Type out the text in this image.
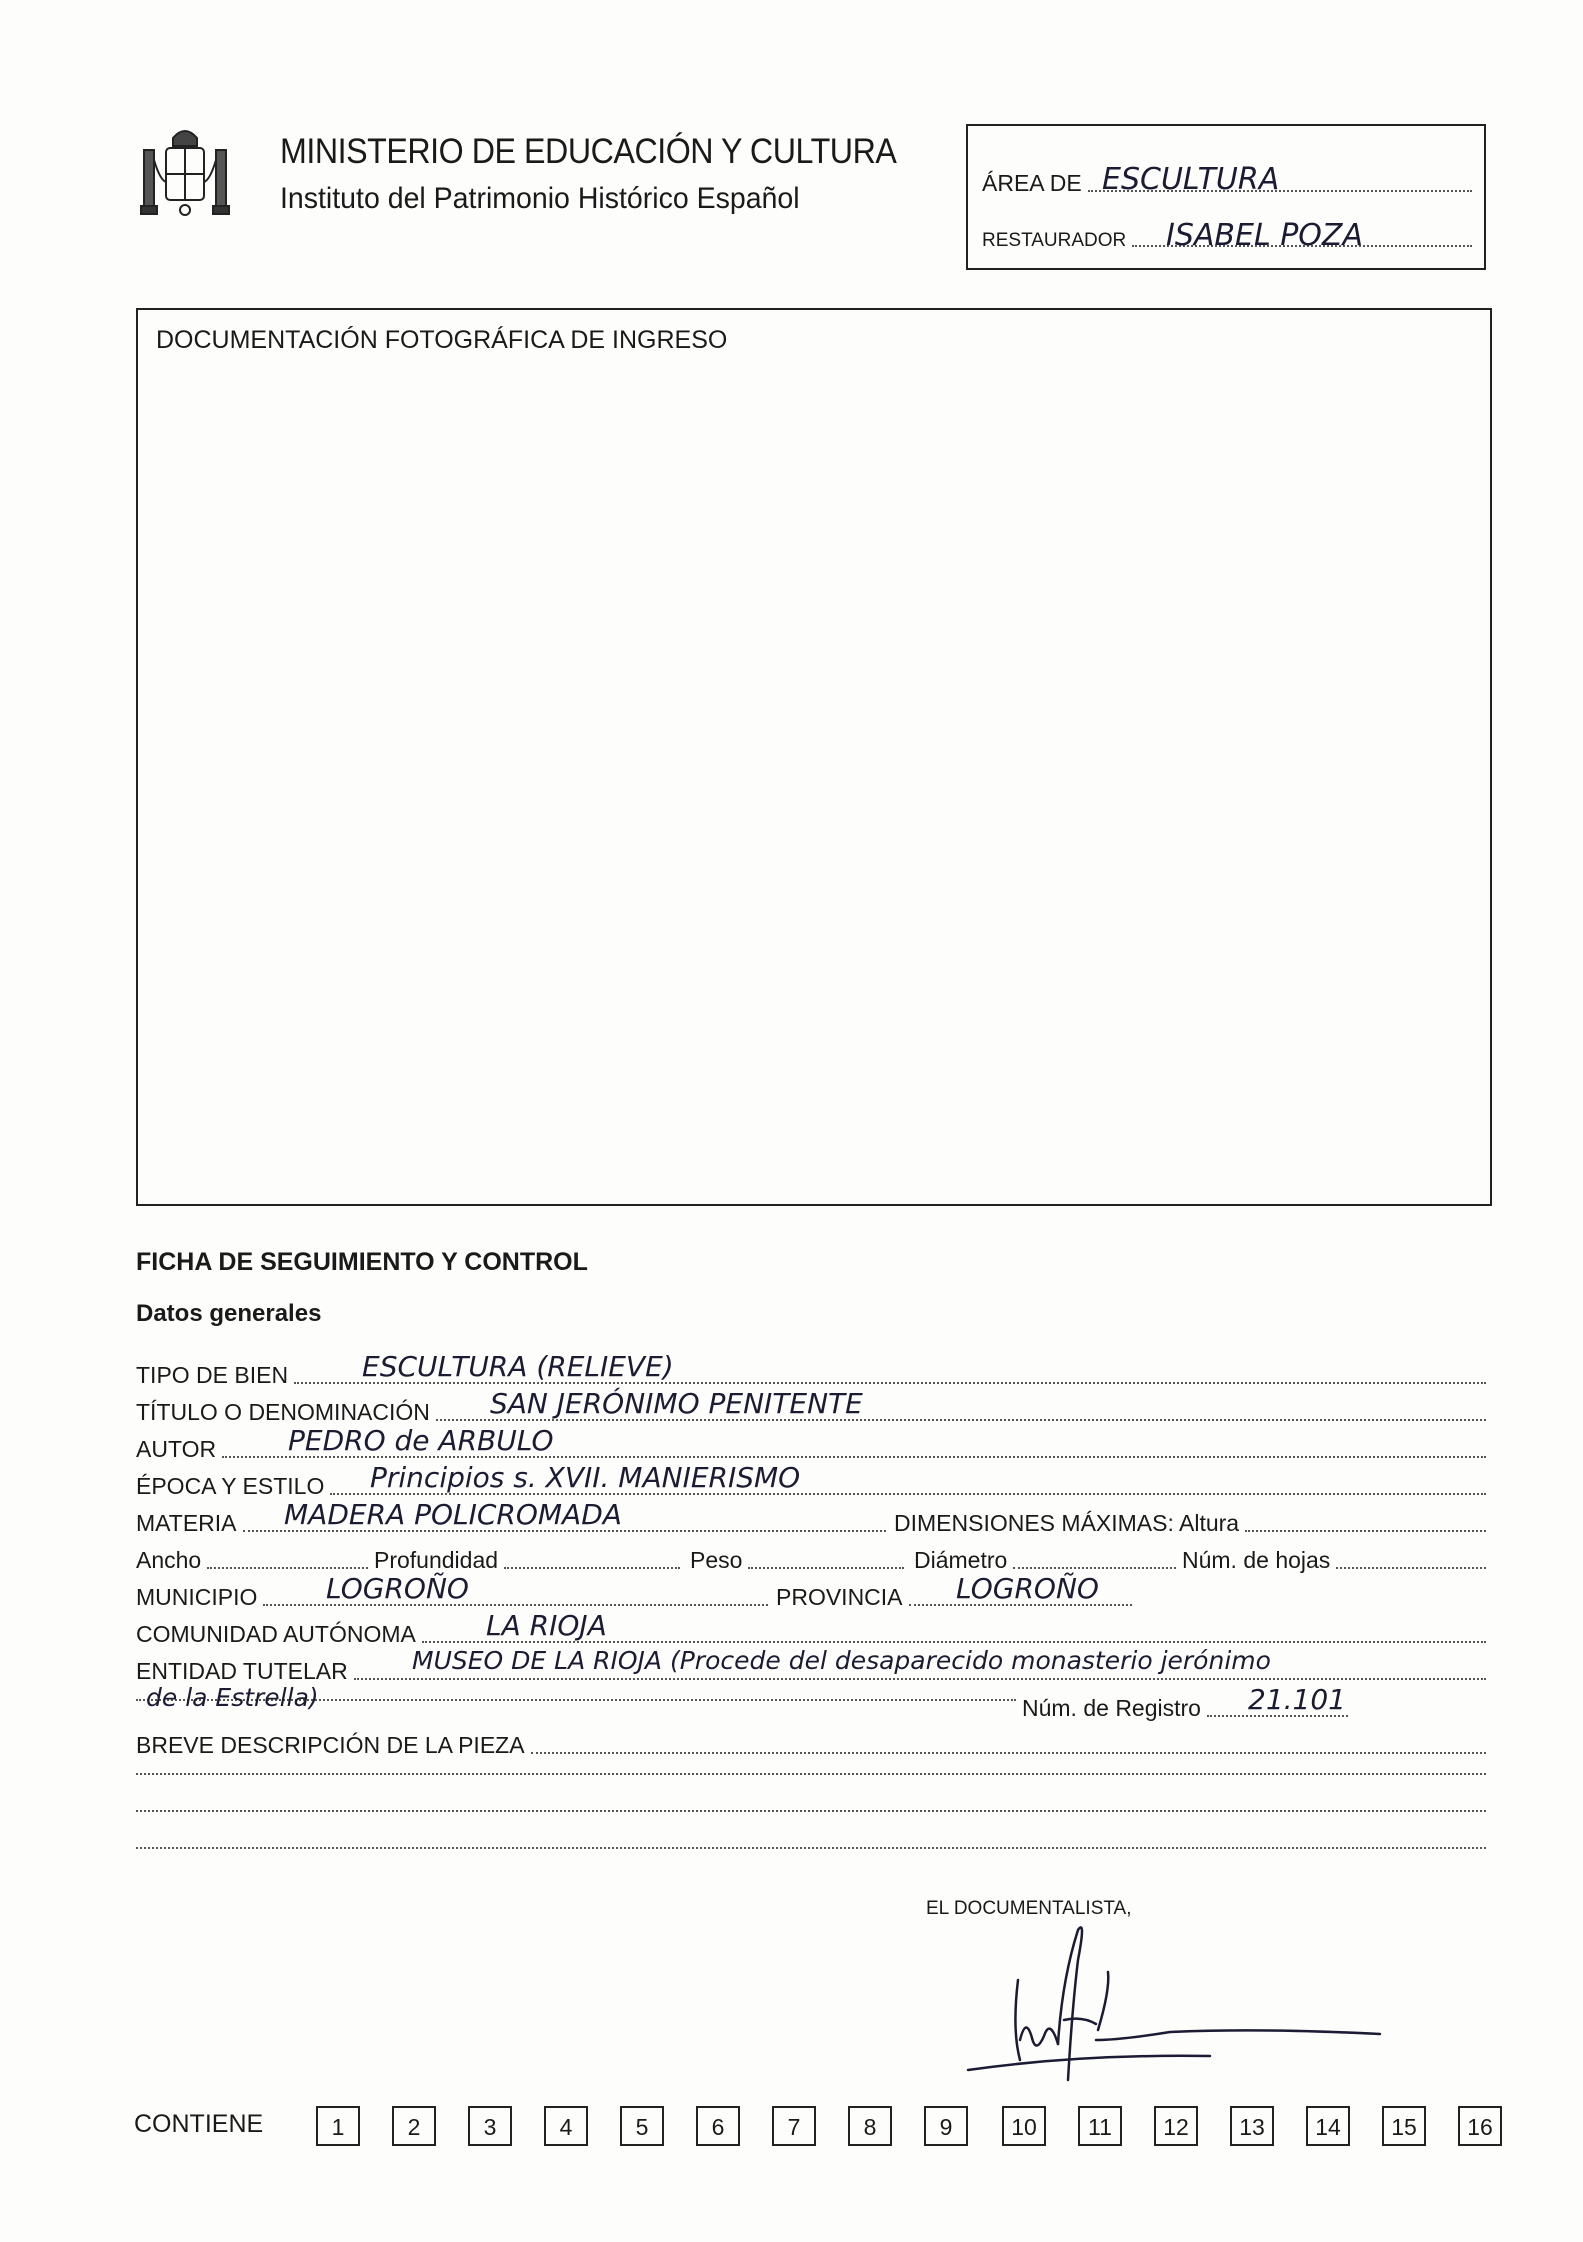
MINISTERIO DE EDUCACIÓN Y CULTURA
Instituto del Patrimonio Histórico Español	ÁREA DE ESCULTURA
RESTAURADOR ISABEL POZA
DOCUMENTACIÓN FOTOGRÁFICA DE INGRESO
FICHA DE SEGUIMIENTO Y CONTROL
Datos generales
TIPO DE BIEN	ESCULTURA (RELIEVE)
TÍTULO O DENOMINACIÓN SAN JERÓNIMO PENITENTE
AUTOR	PEDRO de ARBULO
ÉPOCA Y ESTILO Principios s. XVII. MANIERISMO
MATERIA MADERA POLICROMADA	DIMENSIONES MÁXIMAS: Altura
Ancho	Profundidad	Peso	Diámetro	Núm. de hojas
MUNICIPIO LOGROÑO	PROVINCIA LOGROÑO
COMUNIDAD AUTÓNOMA	LA RIOJA
ENTIDAD TUTELAR	MUSEO DE LA RIOJA (Procede del desaparecido monasterio jerónimo
de la Estrella)	Núm. de Registro 21.101
BREVE DESCRIPCIÓN DE LA PIEZA
EL DOCUMENTALISTA,
CONTIENE	1	2	3	4	5	6	7	8	9	10	11	12	13	14	15	16
